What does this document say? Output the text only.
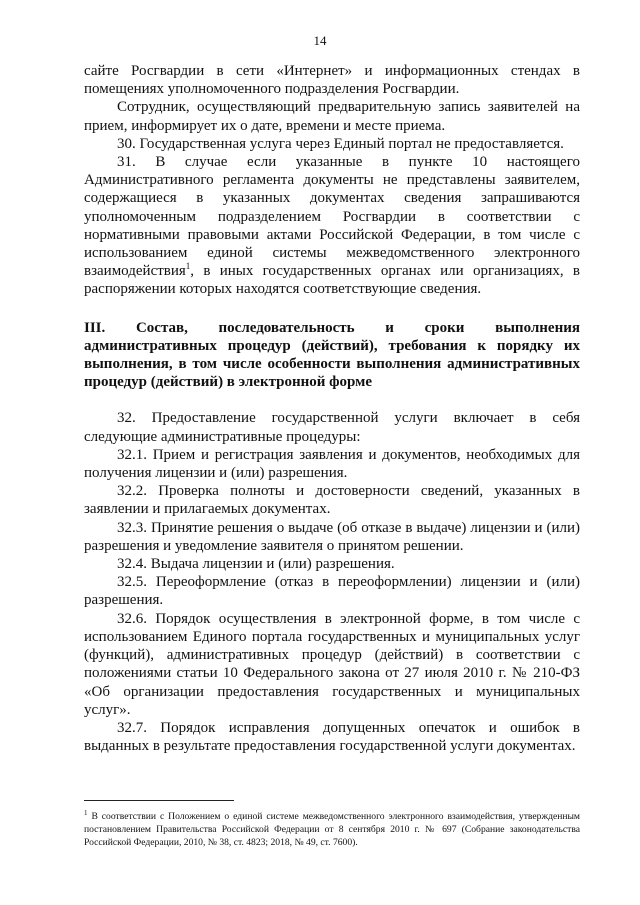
14

сайте Росгвардии в сети «Интернет» и информационных стендах в помещениях уполномоченного подразделения Росгвардии.

Сотрудник, осуществляющий предварительную запись заявителей на прием, информирует их о дате, времени и месте приема.

30. Государственная услуга через Единый портал не предоставляется.

31. В случае если указанные в пункте 10 настоящего Административного регламента документы не представлены заявителем, содержащиеся в указанных документах сведения запрашиваются уполномоченным подразделением Росгвардии в соответствии с нормативными правовыми актами Российской Федерации, в том числе с использованием единой системы межведомственного электронного взаимодействия$^1$, в иных государственных органах или организациях, в распоряжении которых находятся соответствующие сведения.

III. Состав, последовательность и сроки выполнения административных процедур (действий), требования к порядку их выполнения, в том числе особенности выполнения административных процедур (действий) в электронной форме

32. Предоставление государственной услуги включает в себя следующие административные процедуры:

32.1. Прием и регистрация заявления и документов, необходимых для получения лицензии и (или) разрешения.

32.2. Проверка полноты и достоверности сведений, указанных в заявлении и прилагаемых документах.

32.3. Принятие решения о выдаче (об отказе в выдаче) лицензии и (или) разрешения и уведомление заявителя о принятом решении.

32.4. Выдача лицензии и (или) разрешения.

32.5. Переоформление (отказ в переоформлении) лицензии и (или) разрешения.

32.6. Порядок осуществления в электронной форме, в том числе с использованием Единого портала государственных и муниципальных услуг (функций), административных процедур (действий) в соответствии с положениями статьи 10 Федерального закона от 27 июля 2010 г. № 210-ФЗ «Об организации предоставления государственных и муниципальных услуг».

32.7. Порядок исправления допущенных опечаток и ошибок в выданных в результате предоставления государственной услуги документах.

$^1$ В соответствии с Положением о единой системе межведомственного электронного взаимодействия, утвержденным постановлением Правительства Российской Федерации от 8 сентября 2010 г. № 697 (Собрание законодательства Российской Федерации, 2010, № 38, ст. 4823; 2018, № 49, ст. 7600).
